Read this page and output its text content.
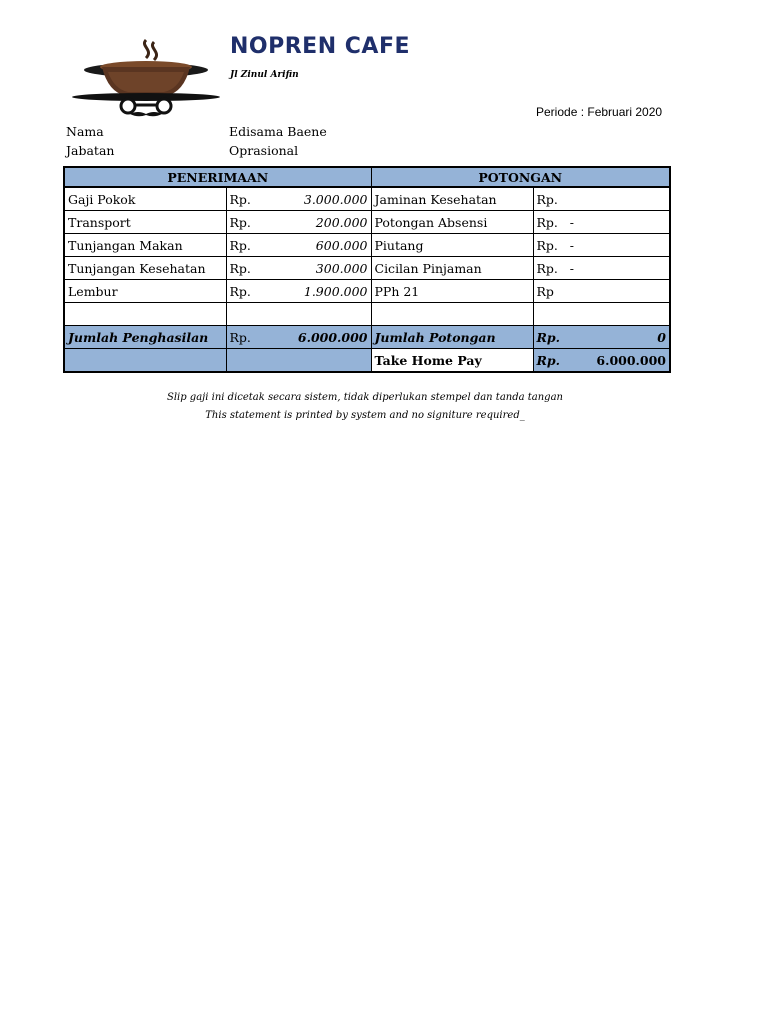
NOPREN CAFE
Jl Zinul Arifin
Periode : Februari 2020
Nama	Edisama Baene
Jabatan	Oprasional
PENERIMAAN		POTONGAN	
Gaji Pokok	Rp. 3.000.000	Jaminan Kesehatan	Rp.

Transport	Rp. 200.000	Potongan Absensi	Rp.   -

Tunjangan Makan	Rp. 600.000	Piutang	Rp.   -

Tunjangan Kesehatan	Rp. 300.000	Cicilan Pinjaman	Rp.   -

Lembur	Rp. 1.900.000	PPh 21	Rp

Jumlah Penghasilan	Rp. 6.000.000	Jumlah Potongan	Rp. 0

		Take Home Pay	Rp. 6.000.000
Slip gaji ini dicetak secara sistem, tidak diperlukan stempel dan tanda tangan
This statement is printed by system and no signiture required_
